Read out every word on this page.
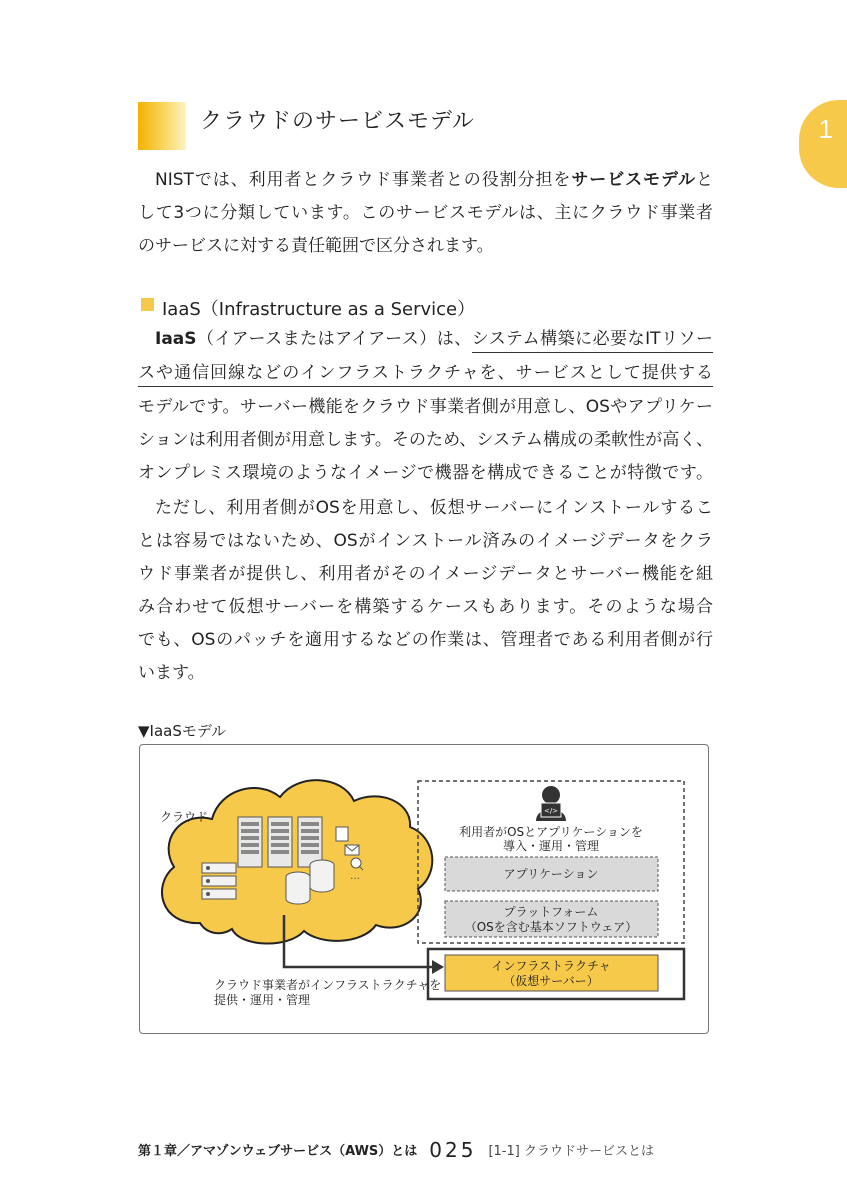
クラウドのサービスモデル	1
NISTでは、利用者とクラウド事業者との役割分担をサービスモデルと
して3つに分類しています。このサービスモデルは、主にクラウド事業者
のサービスに対する責任範囲で区分されます。
IaaS（Infrastructure as a Service）
IaaS（イアースまたはアイアース）は、システム構築に必要なITリソー
スや通信回線などのインフラストラクチャを、サービスとして提供する
モデルです。サーバー機能をクラウド事業者側が用意し、OSやアプリケー
ションは利用者側が用意します。そのため、システム構成の柔軟性が高く、
オンプレミス環境のようなイメージで機器を構成できることが特徴です。
ただし、利用者側がOSを用意し、仮想サーバーにインストールするこ
とは容易ではないため、OSがインストール済みのイメージデータをクラ
ウド事業者が提供し、利用者がそのイメージデータとサーバー機能を組
み合わせて仮想サーバーを構築するケースもあります。そのような場合
でも、OSのパッチを適用するなどの作業は、管理者である利用者側が行
います。
▼IaaSモデル
クラウド
…
</>
利用者がOSとアプリケーションを
導入・運用・管理
アプリケーション
プラットフォーム
（OSを含む基本ソフトウェア）
インフラストラクチャ
（仮想サーバー）
クラウド事業者がインフラストラクチャを
提供・運用・管理
第１章／アマゾンウェブサービス（AWS）とは 025 [1-1] クラウドサービスとは
